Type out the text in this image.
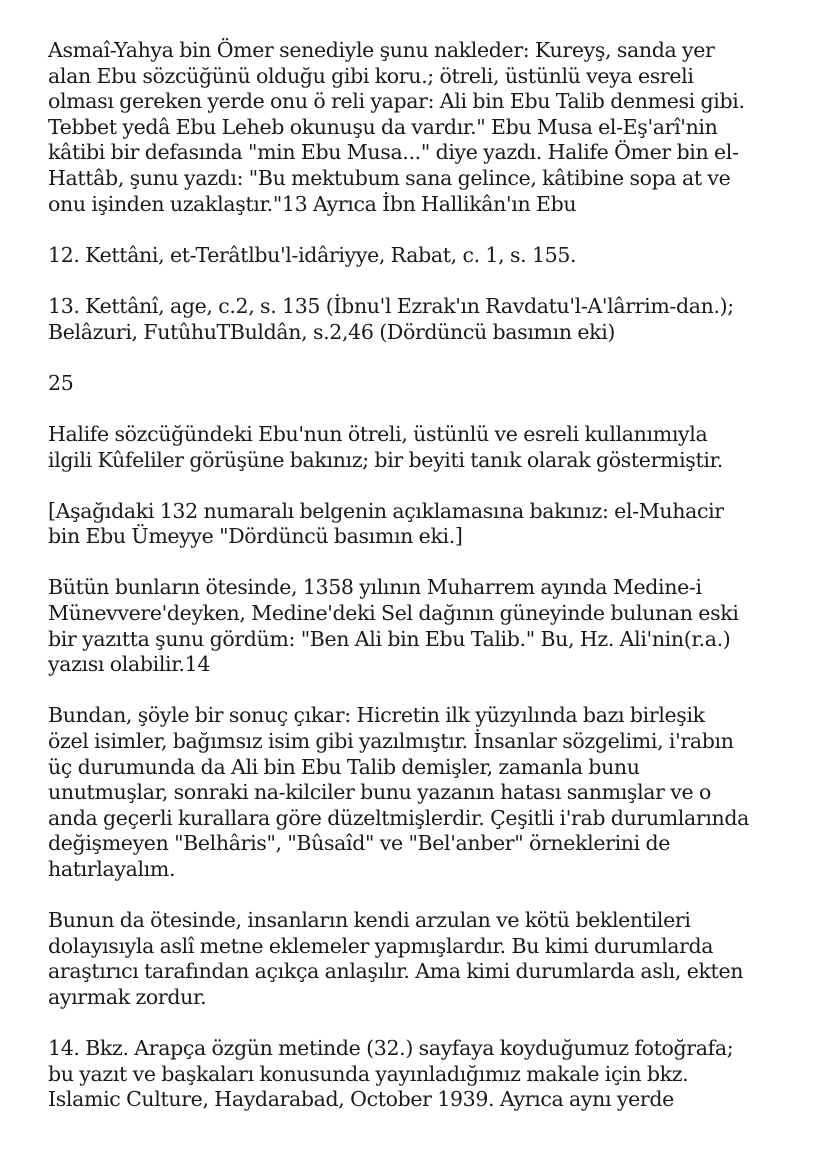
Asmaî-Yahya bin Ömer senediyle şunu nakleder: Kureyş, sanda yer
alan Ebu sözcüğünü olduğu gibi koru.; ötreli, üstünlü veya esreli
olması gereken yerde onu ö reli yapar: Ali bin Ebu Talib denmesi gibi.
Tebbet yedâ Ebu Leheb okunuşu da vardır." Ebu Musa el-Eş'arî'nin
kâtibi bir defasında "min Ebu Musa..." diye yazdı. Halife Ömer bin el-
Hattâb, şunu yazdı: "Bu mektubum sana gelince, kâtibine sopa at ve
onu işinden uzaklaştır."13 Ayrıca İbn Hallikân'ın Ebu

12. Kettâni, et-Terâtlbu'l-idâriyye, Rabat, c. 1, s. 155.

13. Kettânî, age, c.2, s. 135 (İbnu'l Ezrak'ın Ravdatu'l-A'lârrim-dan.);
Belâzuri, FutûhuTBuldân, s.2,46 (Dördüncü basımın eki)

25

Halife sözcüğündeki Ebu'nun ötreli, üstünlü ve esreli kullanımıyla
ilgili Kûfeliler görüşüne bakınız; bir beyiti tanık olarak göstermiştir.

[Aşağıdaki 132 numaralı belgenin açıklamasına bakınız: el-Muhacir
bin Ebu Ümeyye "Dördüncü basımın eki.]

Bütün bunların ötesinde, 1358 yılının Muharrem ayında Medine-i
Münevvere'deyken, Medine'deki Sel dağının güneyinde bulunan eski
bir yazıtta şunu gördüm: "Ben Ali bin Ebu Talib." Bu, Hz. Ali'nin(r.a.)
yazısı olabilir.14

Bundan, şöyle bir sonuç çıkar: Hicretin ilk yüzyılında bazı birleşik
özel isimler, bağımsız isim gibi yazılmıştır. İnsanlar sözgelimi, i'rabın
üç durumunda da Ali bin Ebu Talib demişler, zamanla bunu
unutmuşlar, sonraki na-kilciler bunu yazanın hatası sanmışlar ve o
anda geçerli kurallara göre düzeltmişlerdir. Çeşitli i'rab durumlarında
değişmeyen "Belhâris", "Bûsaîd" ve "Bel'anber" örneklerini de
hatırlayalım.

Bunun da ötesinde, insanların kendi arzulan ve kötü beklentileri
dolayısıyla aslî metne eklemeler yapmışlardır. Bu kimi durumlarda
araştırıcı tarafından açıkça anlaşılır. Ama kimi durumlarda aslı, ekten
ayırmak zordur.

14. Bkz. Arapça özgün metinde (32.) sayfaya koyduğumuz fotoğrafa;
bu yazıt ve başkaları konusunda yayınladığımız makale için bkz.
Islamic Culture, Haydarabad, October 1939. Ayrıca aynı yerde
